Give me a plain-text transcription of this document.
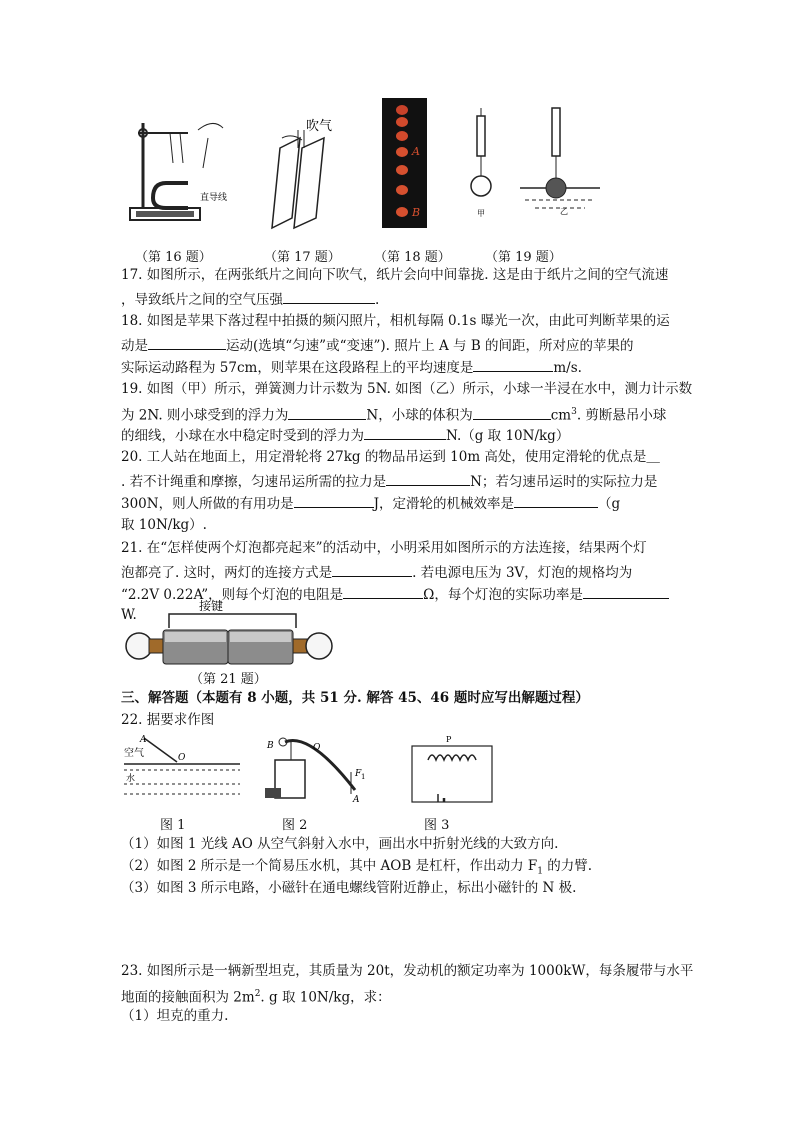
直导线
吹气
A
B	甲	乙
（第 16 题）	（第 17 题）	（第 18 题）	（第 19 题）
17. 如图所示，在两张纸片之间向下吹气，纸片会向中间靠拢. 这是由于纸片之间的空气流速
，导致纸片之间的空气压强	.
18. 如图是苹果下落过程中拍摄的频闪照片，相机每隔 0.1s 曝光一次，由此可判断苹果的运
动是	运动(选填“匀速”或“变速”). 照片上 A 与 B 的间距，所对应的苹果的
实际运动路程为 57cm，则苹果在这段路程上的平均速度是	m/s.
19. 如图（甲）所示，弹簧测力计示数为 5N. 如图（乙）所示，小球一半浸在水中，测力计示数
为 2N. 则小球受到的浮力为	N，小球的体积为	$cm^3$. 剪断悬吊小球
的细线，小球在水中稳定时受到的浮力为	N.（g 取 10N/kg）
20. 工人站在地面上，用定滑轮将 27kg 的物品吊运到 10m 高处，使用定滑轮的优点是＿
. 若不计绳重和摩擦，匀速吊运所需的拉力是	N；若匀速吊运时的实际拉力是
300N，则人所做的有用功是	J，定滑轮的机械效率是	（g
取 10N/kg）.
21. 在“怎样使两个灯泡都亮起来”的活动中，小明采用如图所示的方法连接，结果两个灯
泡都亮了. 这时，两灯的连接方式是	. 若电源电压为 3V，灯泡的规格均为
“2.2V 0.22A”，则每个灯泡的电阻是	Ω，每个灯泡的实际功率是
W.
接键
（第 21 题）
三、解答题（本题有 8 小题，共 51 分. 解答 45、46 题时应写出解题过程）
22. 据要求作图
A
空气	O
水
B	O
F 1
A
P
图 1	图 2	图 3
（1）如图 1 光线 AO 从空气斜射入水中，画出水中折射光线的大致方向.
（2）如图 2 所示是一个简易压水机，其中 AOB 是杠杆，作出动力 $F_1$ 的力臂.
（3）如图 3 所示电路，小磁针在通电螺线管附近静止，标出小磁针的 N 极.
23. 如图所示是一辆新型坦克，其质量为 20t，发动机的额定功率为 1000kW，每条履带与水平
地面的接触面积为 $2m^2$. g 取 10N/kg，求：
（1）坦克的重力.
